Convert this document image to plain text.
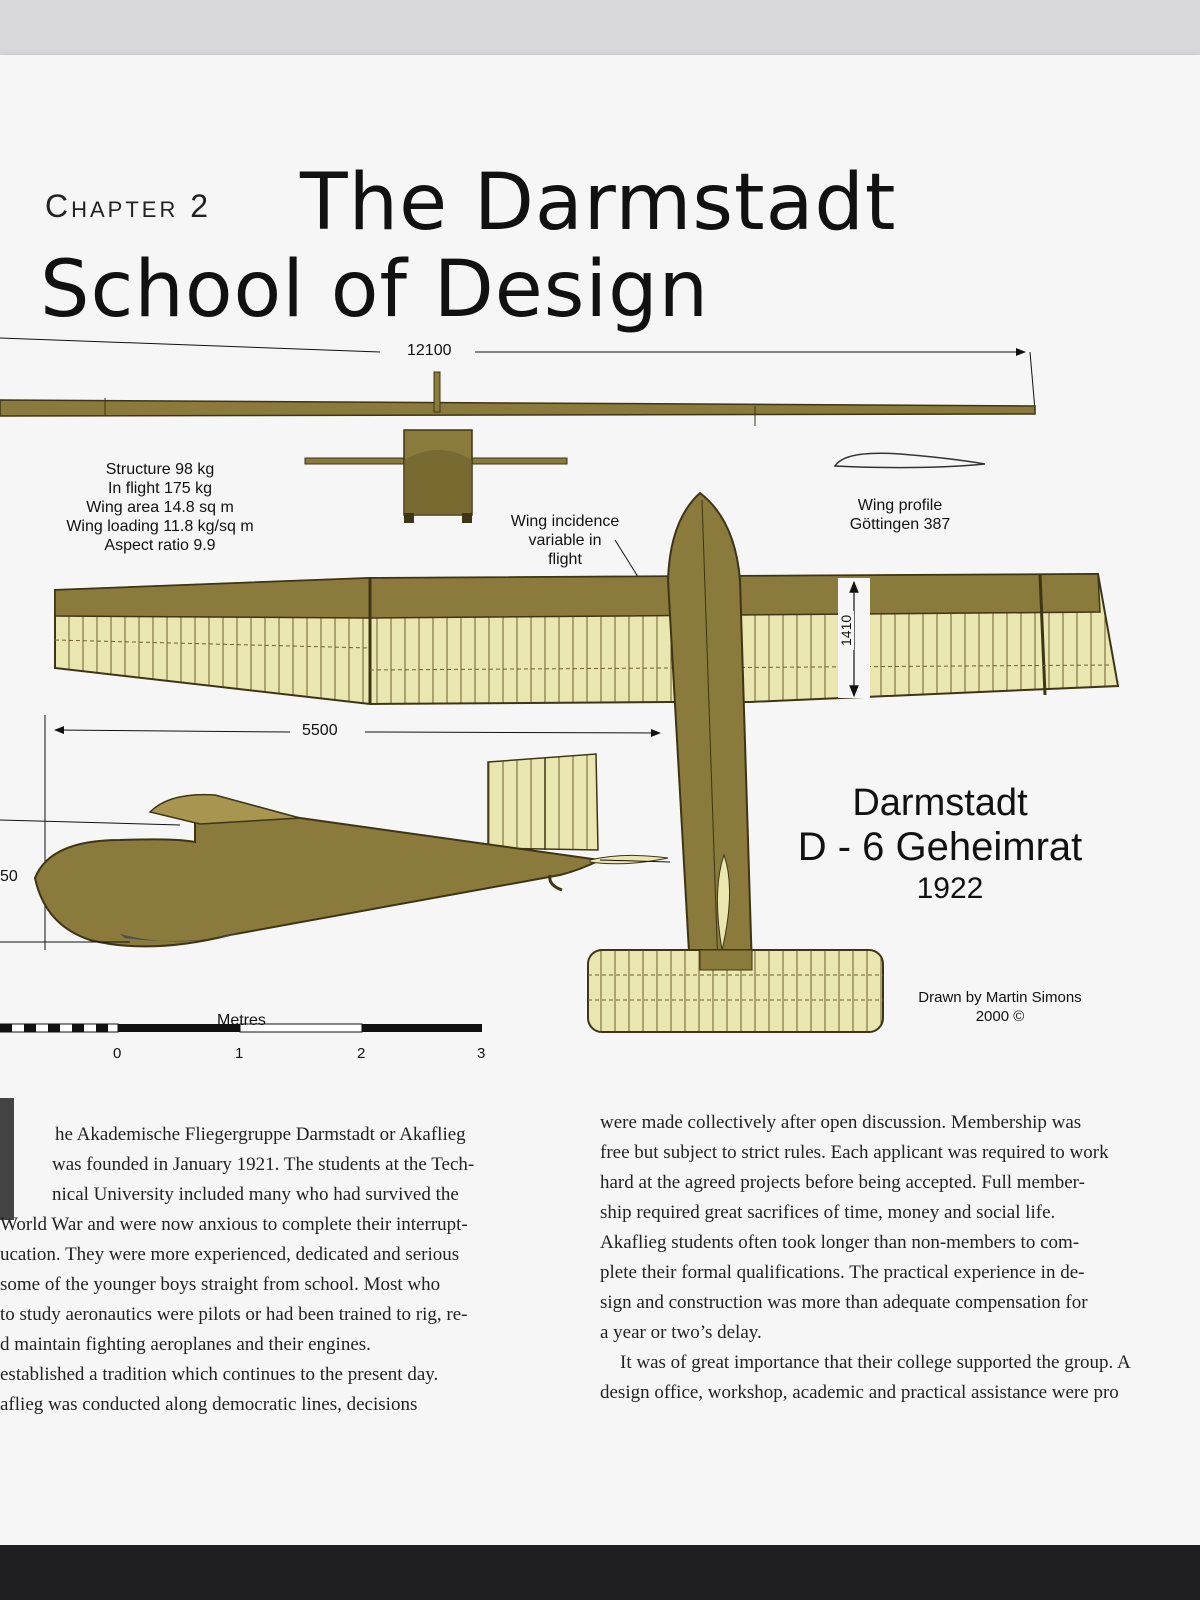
Chapter 2 The Darmstadt
School of Design
12100
5500
50
1410
Structure 98 kg
In flight 175 kg
Wing area 14.8 sq m
Wing loading 11.8 kg/sq m
Aspect ratio 9.9
Wing incidence
variable in
flight
Wing profile
Göttingen 387
Darmstadt
D - 6 Geheimrat
1922
Drawn by Martin Simons
2000 ©
Metres
0	1	2	3

he Akademische Fliegergruppe Darmstadt or Akaflieg

was founded in January 1921. The students at the Tech-

nical University included many who had survived the

World War and were now anxious to complete their interrupt-

ucation. They were more experienced, dedicated and serious

some of the younger boys straight from school. Most who

to study aeronautics were pilots or had been trained to rig, re-

d maintain fighting aeroplanes and their engines.

established a tradition which continues to the present day.

aflieg was conducted along democratic lines, decisions

were made collectively after open discussion. Membership was

free but subject to strict rules. Each applicant was required to work

hard at the agreed projects before being accepted. Full member-

ship required great sacrifices of time, money and social life.

Akaflieg students often took longer than non-members to com-

plete their formal qualifications. The practical experience in de-

sign and construction was more than adequate compensation for

a year or two’s delay.

It was of great importance that their college supported the group. A

design office, workshop, academic and practical assistance were pro
